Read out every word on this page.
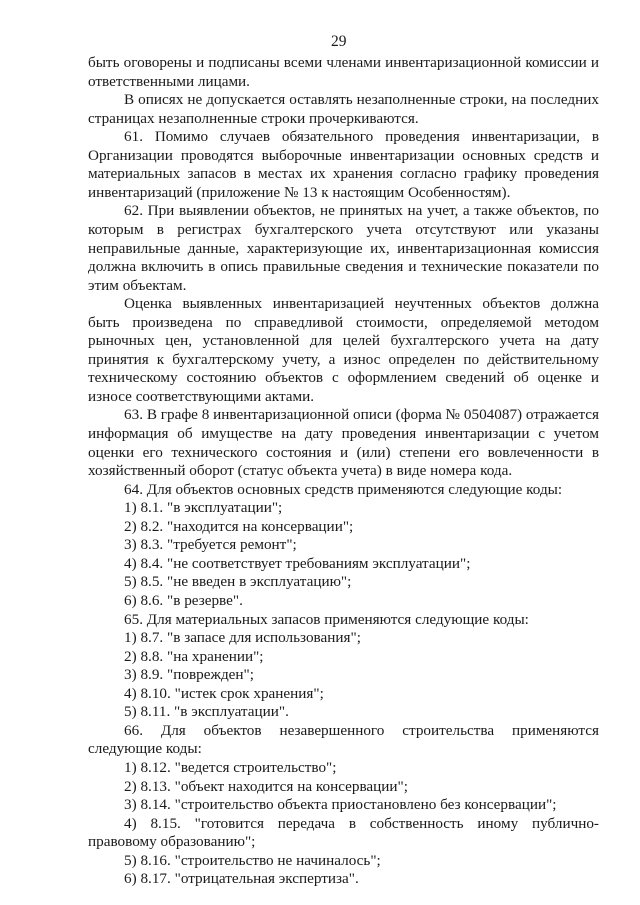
29
быть оговорены и подписаны всеми членами инвентаризационной комиссии и
ответственными лицами.
В описях не допускается оставлять незаполненные строки, на последних
страницах незаполненные строки прочеркиваются.
61. Помимо случаев обязательного проведения инвентаризации, в
Организации проводятся выборочные инвентаризации основных средств и
материальных запасов в местах их хранения согласно графику проведения
инвентаризаций (приложение № 13 к настоящим Особенностям).
62. При выявлении объектов, не принятых на учет, а также объектов, по
которым в регистрах бухгалтерского учета отсутствуют или указаны
неправильные данные, характеризующие их, инвентаризационная комиссия
должна включить в опись правильные сведения и технические показатели по
этим объектам.
Оценка выявленных инвентаризацией неучтенных объектов должна
быть произведена по справедливой стоимости, определяемой методом
рыночных цен, установленной для целей бухгалтерского учета на дату
принятия к бухгалтерскому учету, а износ определен по действительному
техническому состоянию объектов с оформлением сведений об оценке и
износе соответствующими актами.
63. В графе 8 инвентаризационной описи (форма № 0504087) отражается
информация об имуществе на дату проведения инвентаризации с учетом
оценки его технического состояния и (или) степени его вовлеченности в
хозяйственный оборот (статус объекта учета) в виде номера кода.
64. Для объектов основных средств применяются следующие коды:
1) 8.1. "в эксплуатации";
2) 8.2. "находится на консервации";
3) 8.3. "требуется ремонт";
4) 8.4. "не соответствует требованиям эксплуатации";
5) 8.5. "не введен в эксплуатацию";
6) 8.6. "в резерве".
65. Для материальных запасов применяются следующие коды:
1) 8.7. "в запасе для использования";
2) 8.8. "на хранении";
3) 8.9. "поврежден";
4) 8.10. "истек срок хранения";
5) 8.11. "в эксплуатации".
66. Для объектов незавершенного строительства применяются
следующие коды:
1) 8.12. "ведется строительство";
2) 8.13. "объект находится на консервации";
3) 8.14. "строительство объекта приостановлено без консервации";
4) 8.15. "готовится передача в собственность иному публично-
правовому образованию";
5) 8.16. "строительство не начиналось";
6) 8.17. "отрицательная экспертиза".
